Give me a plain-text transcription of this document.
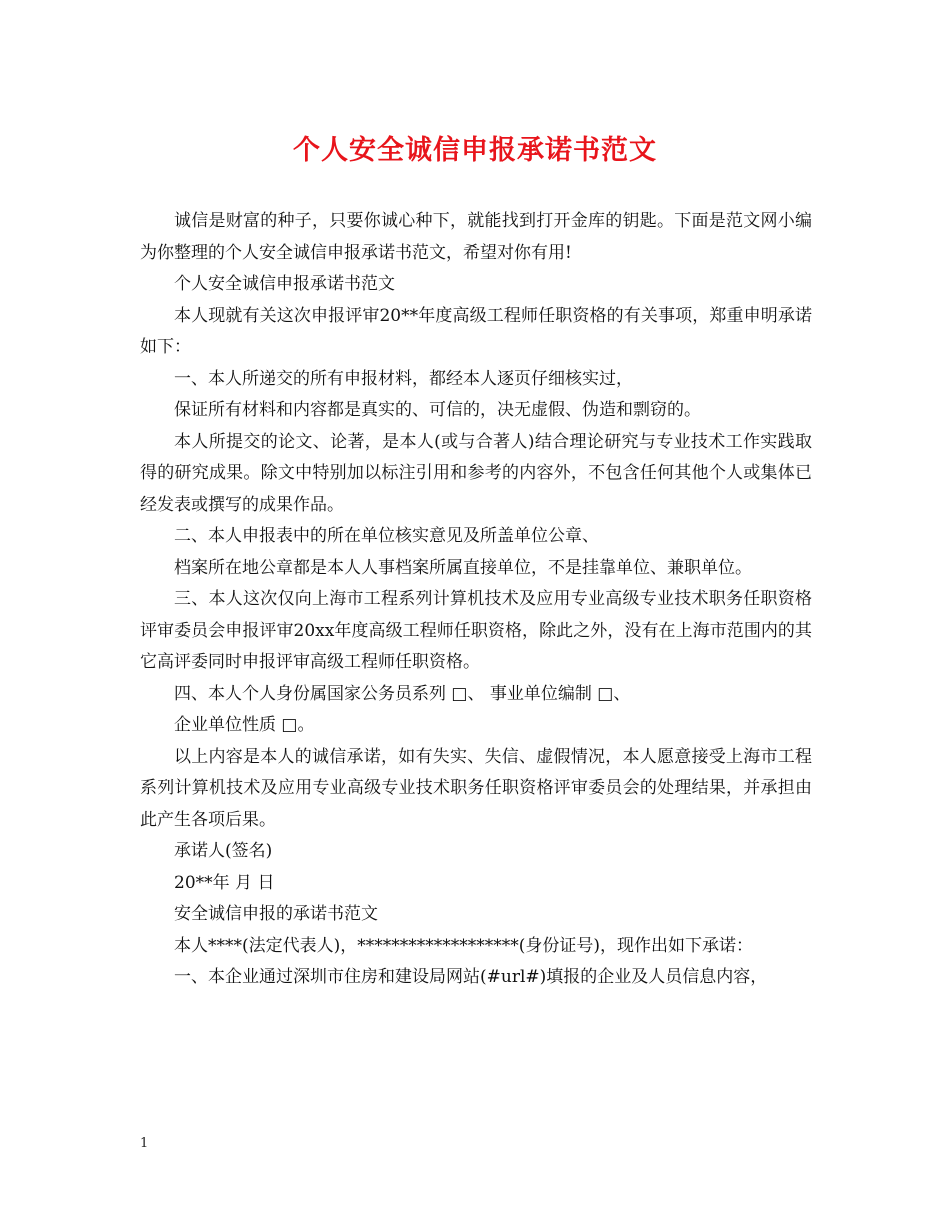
个人安全诚信申报承诺书范文

诚信是财富的种子，只要你诚心种下，就能找到打开金库的钥匙。下面是范文网小编为你整理的个人安全诚信申报承诺书范文，希望对你有用!

个人安全诚信申报承诺书范文

本人现就有关这次申报评审20**年度高级工程师任职资格的有关事项，郑重申明承诺如下：

一、本人所递交的所有申报材料，都经本人逐页仔细核实过，

保证所有材料和内容都是真实的、可信的，决无虚假、伪造和剽窃的。

本人所提交的论文、论著，是本人(或与合著人)结合理论研究与专业技术工作实践取得的研究成果。除文中特别加以标注引用和参考的内容外，不包含任何其他个人或集体已经发表或撰写的成果作品。

二、本人申报表中的所在单位核实意见及所盖单位公章、

档案所在地公章都是本人人事档案所属直接单位，不是挂靠单位、兼职单位。

三、本人这次仅向上海市工程系列计算机技术及应用专业高级专业技术职务任职资格评审委员会申报评审20xx年度高级工程师任职资格，除此之外，没有在上海市范围内的其它高评委同时申报评审高级工程师任职资格。

四、本人个人身份属国家公务员系列 □、 事业单位编制 □、

企业单位性质 □。

以上内容是本人的诚信承诺，如有失实、失信、虚假情况，本人愿意接受上海市工程系列计算机技术及应用专业高级专业技术职务任职资格评审委员会的处理结果，并承担由此产生各项后果。

承诺人(签名)

20**年 月 日

安全诚信申报的承诺书范文

本人****(法定代表人)，*******************(身份证号)，现作出如下承诺：

一、本企业通过深圳市住房和建设局网站(#url#)填报的企业及人员信息内容，

1
